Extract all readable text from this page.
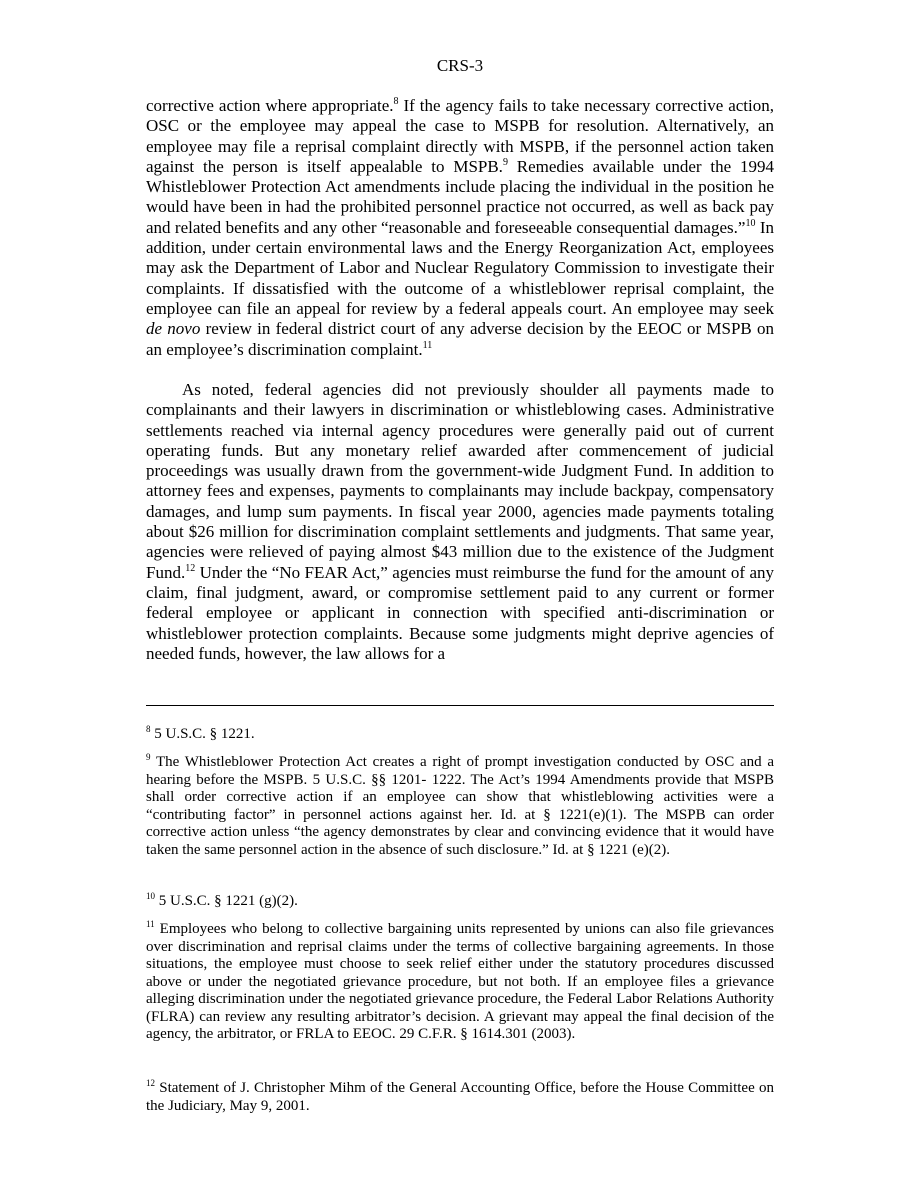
CRS-3

corrective action where appropriate.$^8$ If the agency fails to take necessary corrective action, OSC or the employee may appeal the case to MSPB for resolution. Alternatively, an employee may file a reprisal complaint directly with MSPB, if the personnel action taken against the person is itself appealable to MSPB.$^9$ Remedies available under the 1994 Whistleblower Protection Act amendments include placing the individual in the position he would have been in had the prohibited personnel practice not occurred, as well as back pay and related benefits and any other “reasonable and foreseeable consequential damages.”$^{10}$ In addition, under certain environmental laws and the Energy Reorganization Act, employees may ask the Department of Labor and Nuclear Regulatory Commission to investigate their complaints. If dissatisfied with the outcome of a whistleblower reprisal complaint, the employee can file an appeal for review by a federal appeals court. An employee may seek de novo review in federal district court of any adverse decision by the EEOC or MSPB on an employee’s discrimination complaint.$^{11}$

As noted, federal agencies did not previously shoulder all payments made to complainants and their lawyers in discrimination or whistleblowing cases. Administrative settlements reached via internal agency procedures were generally paid out of current operating funds. But any monetary relief awarded after commencement of judicial proceedings was usually drawn from the government-wide Judgment Fund. In addition to attorney fees and expenses, payments to complainants may include backpay, compensatory damages, and lump sum payments. In fiscal year 2000, agencies made payments totaling about $26 million for discrimination complaint settlements and judgments. That same year, agencies were relieved of paying almost $43 million due to the existence of the Judgment Fund.$^{12}$ Under the “No FEAR Act,” agencies must reimburse the fund for the amount of any claim, final judgment, award, or compromise settlement paid to any current or former federal employee or applicant in connection with specified anti-discrimination or whistleblower protection complaints. Because some judgments might deprive agencies of needed funds, however, the law allows for a

$^8$ 5 U.S.C. § 1221.

$^9$ The Whistleblower Protection Act creates a right of prompt investigation conducted by OSC and a hearing before the MSPB. 5 U.S.C. §§ 1201- 1222. The Act’s 1994 Amendments provide that MSPB shall order corrective action if an employee can show that whistleblowing activities were a “contributing factor” in personnel actions against her. Id. at § 1221(e)(1). The MSPB can order corrective action unless “the agency demonstrates by clear and convincing evidence that it would have taken the same personnel action in the absence of such disclosure.” Id. at § 1221 (e)(2).

$^{10}$ 5 U.S.C. § 1221 (g)(2).

$^{11}$ Employees who belong to collective bargaining units represented by unions can also file grievances over discrimination and reprisal claims under the terms of collective bargaining agreements. In those situations, the employee must choose to seek relief either under the statutory procedures discussed above or under the negotiated grievance procedure, but not both. If an employee files a grievance alleging discrimination under the negotiated grievance procedure, the Federal Labor Relations Authority (FLRA) can review any resulting arbitrator’s decision. A grievant may appeal the final decision of the agency, the arbitrator, or FRLA to EEOC. 29 C.F.R. § 1614.301 (2003).

$^{12}$ Statement of J. Christopher Mihm of the General Accounting Office, before the House Committee on the Judiciary, May 9, 2001.
